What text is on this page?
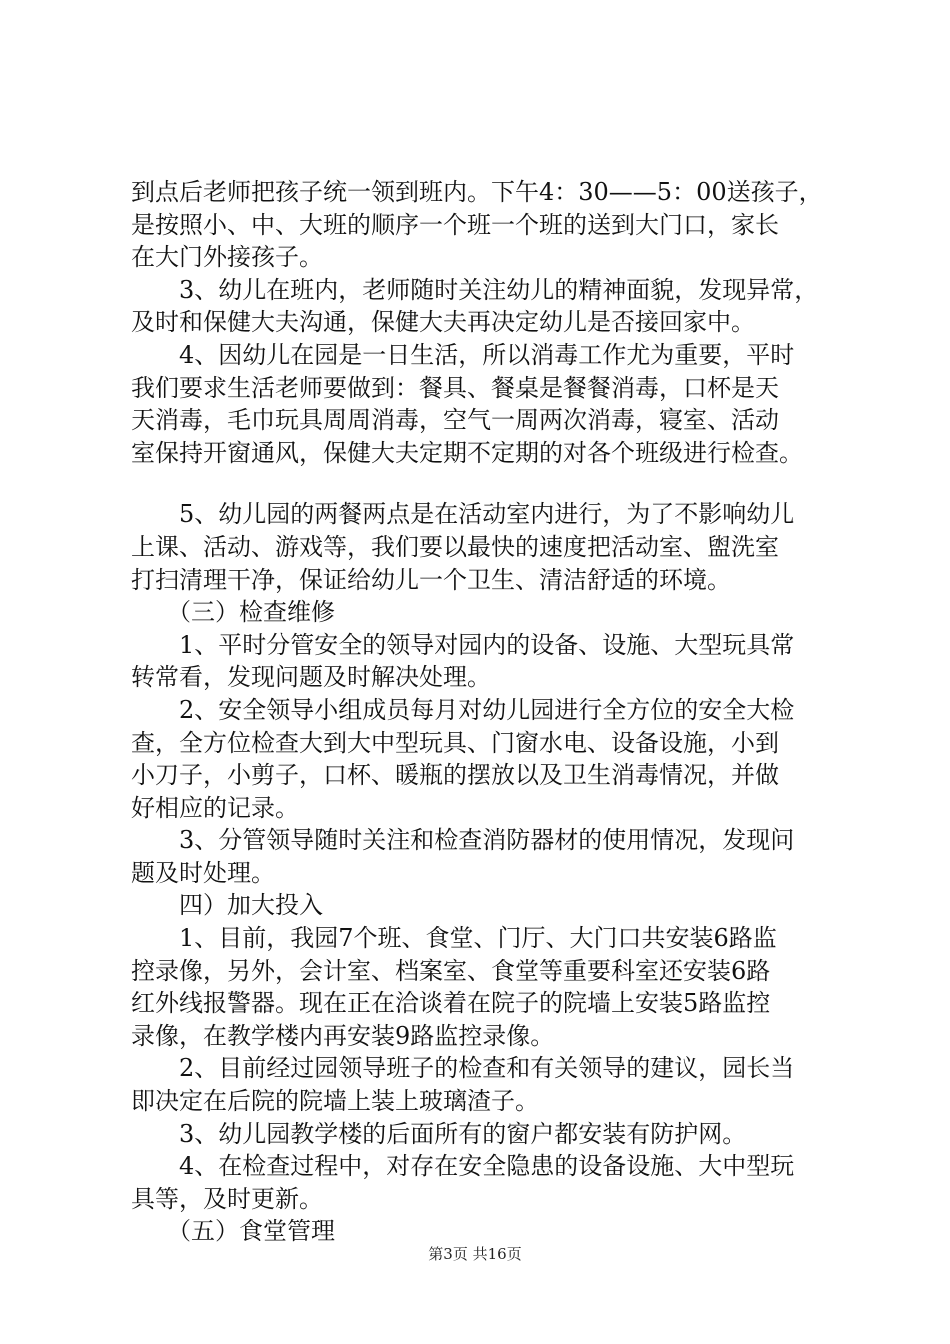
到点后老师把孩子统一领到班内。下午4：30——5：00送孩子，
是按照小、中、大班的顺序一个班一个班的送到大门口，家长
在大门外接孩子。
　　3、幼儿在班内，老师随时关注幼儿的精神面貌，发现异常，
及时和保健大夫沟通，保健大夫再决定幼儿是否接回家中。
　　4、因幼儿在园是一日生活，所以消毒工作尤为重要，平时
我们要求生活老师要做到：餐具、餐桌是餐餐消毒，口杯是天
天消毒，毛巾玩具周周消毒，空气一周两次消毒，寝室、活动
室保持开窗通风，保健大夫定期不定期的对各个班级进行检查。
　　5、幼儿园的两餐两点是在活动室内进行，为了不影响幼儿
上课、活动、游戏等，我们要以最快的速度把活动室、盥洗室
打扫清理干净，保证给幼儿一个卫生、清洁舒适的环境。
　　（三）检查维修
　　1、平时分管安全的领导对园内的设备、设施、大型玩具常
转常看，发现问题及时解决处理。
　　2、安全领导小组成员每月对幼儿园进行全方位的安全大检
查，全方位检查大到大中型玩具、门窗水电、设备设施，小到
小刀子，小剪子，口杯、暖瓶的摆放以及卫生消毒情况，并做
好相应的记录。
　　3、分管领导随时关注和检查消防器材的使用情况，发现问
题及时处理。
　　四）加大投入
　　1、目前，我园7个班、食堂、门厅、大门口共安装6路监
控录像，另外，会计室、档案室、食堂等重要科室还安装6路
红外线报警器。现在正在洽谈着在院子的院墙上安装5路监控
录像，在教学楼内再安装9路监控录像。
　　2、目前经过园领导班子的检查和有关领导的建议，园长当
即决定在后院的院墙上装上玻璃渣子。
　　3、幼儿园教学楼的后面所有的窗户都安装有防护网。
　　4、在检查过程中，对存在安全隐患的设备设施、大中型玩
具等，及时更新。
　　（五）食堂管理
第3页 共16页
